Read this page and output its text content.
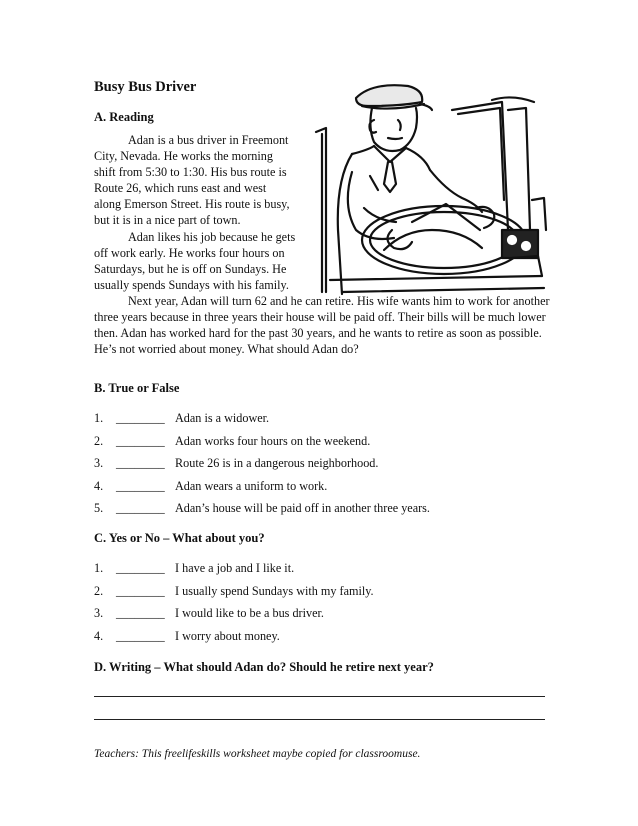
Busy Bus Driver
A. Reading

Adan is a bus driver in Freemont City, Nevada. He works the morning shift from 5:30 to 1:30. His bus route is Route 26, which runs east and west along Emerson Street. His route is busy, but it is in a nice part of town.

Adan likes his job because he gets off work early. He works four hours on Saturdays, but he is off on Sundays. He usually spends Sundays with his family.

Next year, Adan will turn 62 and he can retire. His wife wants him to work for another three years because in three years their house will be paid off. Their bills will be much lower then. Adan has worked hard for the past 30 years, and he wants to retire as soon as possible. He’s not worried about money. What should Adan do?

B. True or False
1. ________ Adan is a widower.
2. ________ Adan works four hours on the weekend.
3. ________ Route 26 is in a dangerous neighborhood.
4. ________ Adan wears a uniform to work.
5. ________ Adan’s house will be paid off in another three years.
C. Yes or No – What about you?
1. ________ I have a job and I like it.
2. ________ I usually spend Sundays with my family.
3. ________ I would like to be a bus driver.
4. ________ I worry about money.
D. Writing – What should Adan do? Should he retire next year?

Teachers: This freelifeskills worksheet maybe copied for classroomuse.
